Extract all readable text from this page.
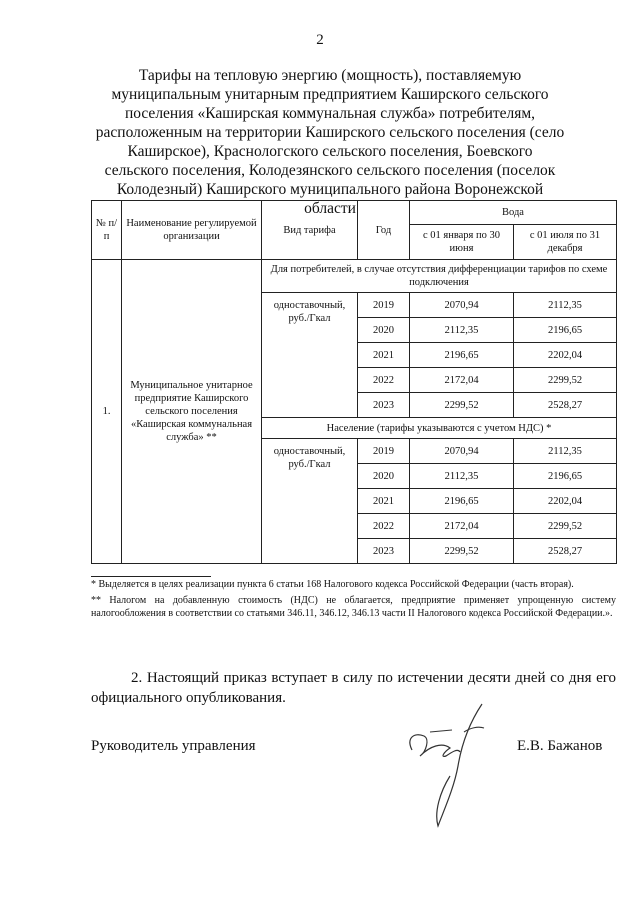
2
Тарифы на тепловую энергию (мощность), поставляемую муниципальным унитарным предприятием Каширского сельского поселения «Каширская коммунальная служба» потребителям, расположенным на территории Каширского сельского поселения (село Каширское), Краснологского сельского поселения, Боевского сельского поселения, Колодезянского сельского поселения (поселок Колодезный) Каширского муниципального района Воронежской области
№ п/п	Наименование регулируемой организации	Вид тарифа	Год	Вода	
				с 01 января по 30 июня	с 01 июля по 31 декабря
1.	Муниципальное унитарное предприятие Каширского сельского поселения «Каширская коммунальная служба» **	Для потребителей, в случае отсутствия дифференциации тарифов по схеме подключения			
		одноставочный, руб./Гкал	2019	2070,94	2112,35
			2020	2112,35	2196,65
			2021	2196,65	2202,04
			2022	2172,04	2299,52
			2023	2299,52	2528,27
		Население (тарифы указываются с учетом НДС) *			
		одноставочный, руб./Гкал	2019	2070,94	2112,35
			2020	2112,35	2196,65
			2021	2196,65	2202,04
			2022	2172,04	2299,52
			2023	2299,52	2528,27

* Выделяется в целях реализации пункта 6 статьи 168 Налогового кодекса Российской Федерации (часть вторая).

** Налогом на добавленную стоимость (НДС) не облагается, предприятие применяет упрощенную систему налогообложения в соответствии со статьями 346.11, 346.12, 346.13 части II Налогового кодекса Российской Федерации.».

2. Настоящий приказ вступает в силу по истечении десяти дней со дня его официального опубликования.
Руководитель управления	Е.В. Бажанов
